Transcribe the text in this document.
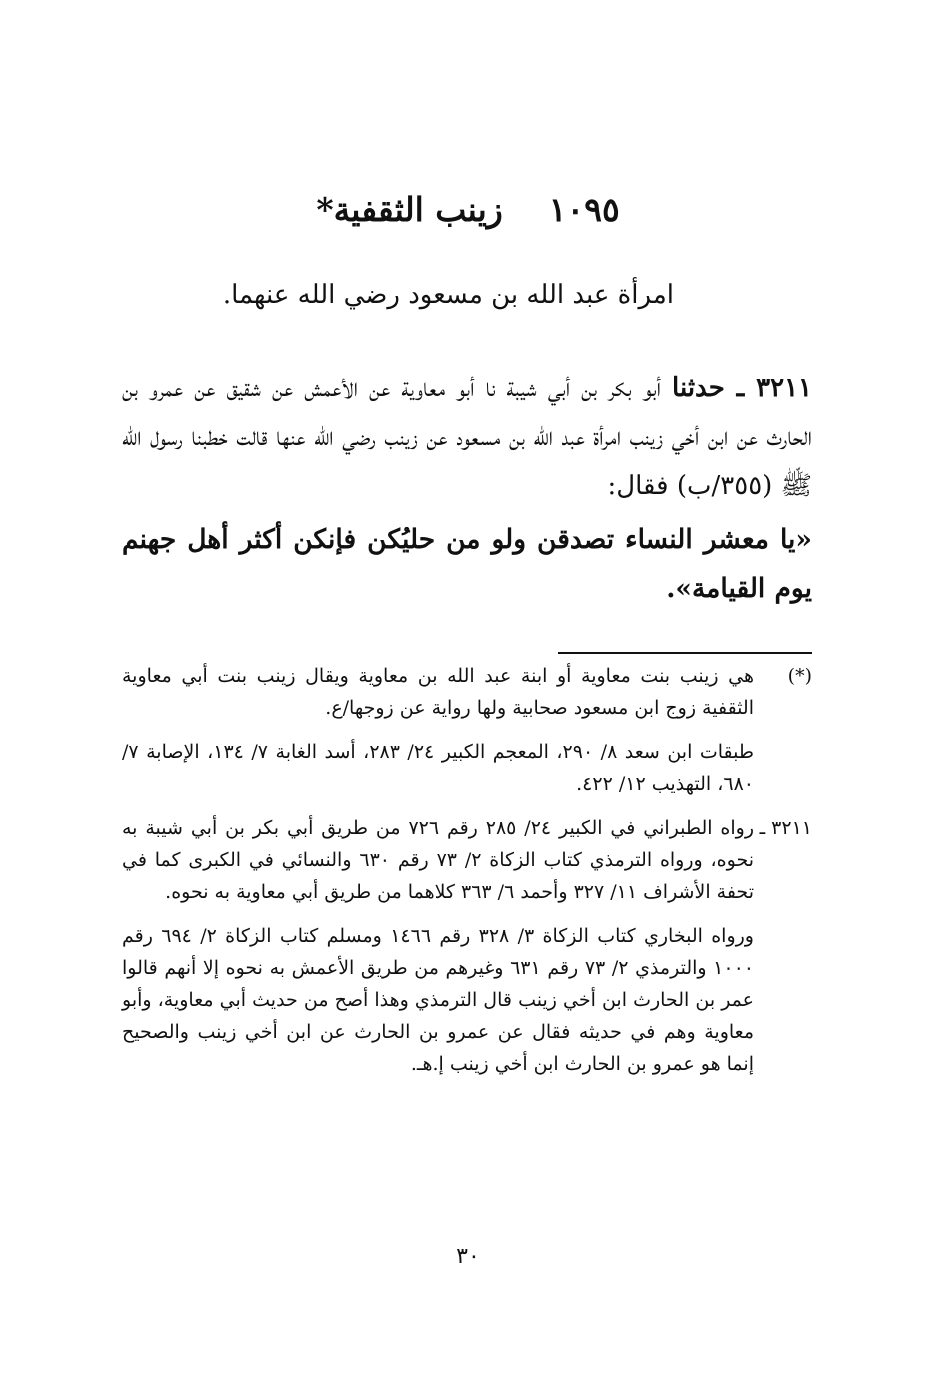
١٠٩٥زينب الثقفية*
امرأة عبد الله بن مسعود رضي الله عنهما.

٣٢١١ ـ حدثنا أبو بكر بن أبي شيبة نا أبو معاوية عن الأعمش عن شقيق عن عمرو بن الحارث عن ابن أخي زينب امرأة عبد الله بن مسعود عن زينب رضي الله عنها قالت خطبنا رسول الله ﷺ (٣٥٥/ب) فقال:

«يا معشر النساء تصدقن ولو من حليُكن فإنكن أكثر أهل جهنم يوم القيامة».

(*)
هي زينب بنت معاوية أو ابنة عبد الله بن معاوية ويقال زينب بنت أبي معاوية الثقفية زوج ابن مسعود صحابية ولها رواية عن زوجها/ع.

طبقات ابن سعد ٨/ ٢٩٠، المعجم الكبير ٢٤/ ٢٨٣، أسد الغابة ٧/ ١٣٤، الإصابة ٧/ ٦٨٠، التهذيب ١٢/ ٤٢٢.

٣٢١١ ـ
رواه الطبراني في الكبير ٢٤/ ٢٨٥ رقم ٧٢٦ من طريق أبي بكر بن أبي شيبة به نحوه، ورواه الترمذي كتاب الزكاة ٢/ ٧٣ رقم ٦٣٠ والنسائي في الكبرى كما في تحفة الأشراف ١١/ ٣٢٧ وأحمد ٦/ ٣٦٣ كلاهما من طريق أبي معاوية به نحوه.

ورواه البخاري كتاب الزكاة ٣/ ٣٢٨ رقم ١٤٦٦ ومسلم كتاب الزكاة ٢/ ٦٩٤ رقم ١٠٠٠ والترمذي ٢/ ٧٣ رقم ٦٣١ وغيرهم من طريق الأعمش به نحوه إلا أنهم قالوا عمر بن الحارث ابن أخي زينب قال الترمذي وهذا أصح من حديث أبي معاوية، وأبو معاوية وهم في حديثه فقال عن عمرو بن الحارث عن ابن أخي زينب والصحيح إنما هو عمرو بن الحارث ابن أخي زينب إ.هـ.

٣٠
